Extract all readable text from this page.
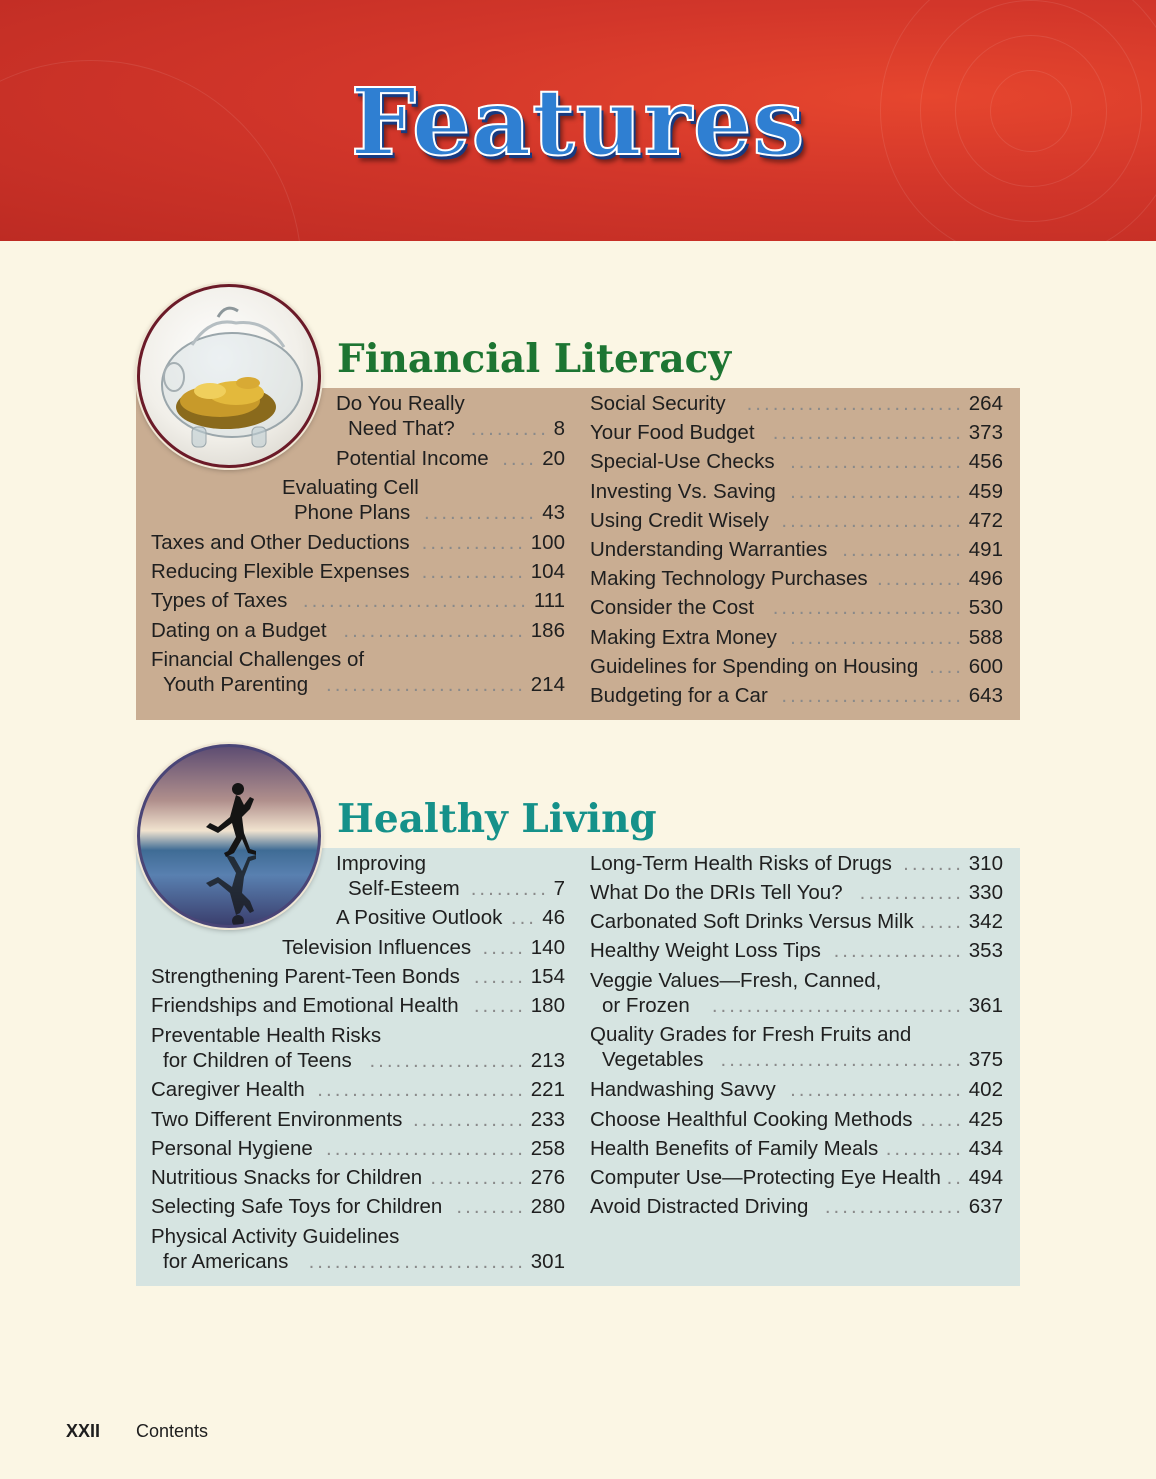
Features
Financial Literacy
Healthy Living
Do You Really
Need That?	8
.........
Potential Income	20
....
Evaluating Cell
Phone Plans	43
.............
Taxes and Other Deductions	100
............
Reducing Flexible Expenses	104
............
Types of Taxes	111
..........................
Dating on a Budget	186
.....................
Financial Challenges of
Youth Parenting	214
.......................
Social Security	264
.........................
Your Food Budget	373
......................
Special-Use Checks	456
....................
Investing Vs. Saving	459
....................
Using Credit Wisely	472
.....................
Understanding Warranties	491
..............
Making Technology Purchases	496
..........
Consider the Cost	530
......................
Making Extra Money	588
....................
Guidelines for Spending on Housing 600
....
Budgeting for a Car	643
.....................
Improving
Self-Esteem	7
.........
A Positive Outlook 46
...
Television Influences	140
.....
Strengthening Parent-Teen Bonds	154
......
Friendships and Emotional Health	180
......
Preventable Health Risks
for Children of Teens	213
..................
Caregiver Health	221
........................
Two Different Environments	233
.............
Personal Hygiene	258
.......................
Nutritious Snacks for Children	276
...........
Selecting Safe Toys for Children	280
........
Physical Activity Guidelines
for Americans	301
.........................
Long-Term Health Risks of Drugs	310
.......
What Do the DRIs Tell You?	330
............
Carbonated Soft Drinks Versus Milk	342
.....
Healthy Weight Loss Tips	353
...............
Veggie Values—Fresh, Canned,
or Frozen	361
.............................
Quality Grades for Fresh Fruits and
Vegetables	375
............................
Handwashing Savvy	402
....................
Choose Healthful Cooking Methods	425
.....
Health Benefits of Family Meals	434
.........
Computer Use—Protecting Eye Health 494
..
Avoid Distracted Driving	637
................
XXII Contents
